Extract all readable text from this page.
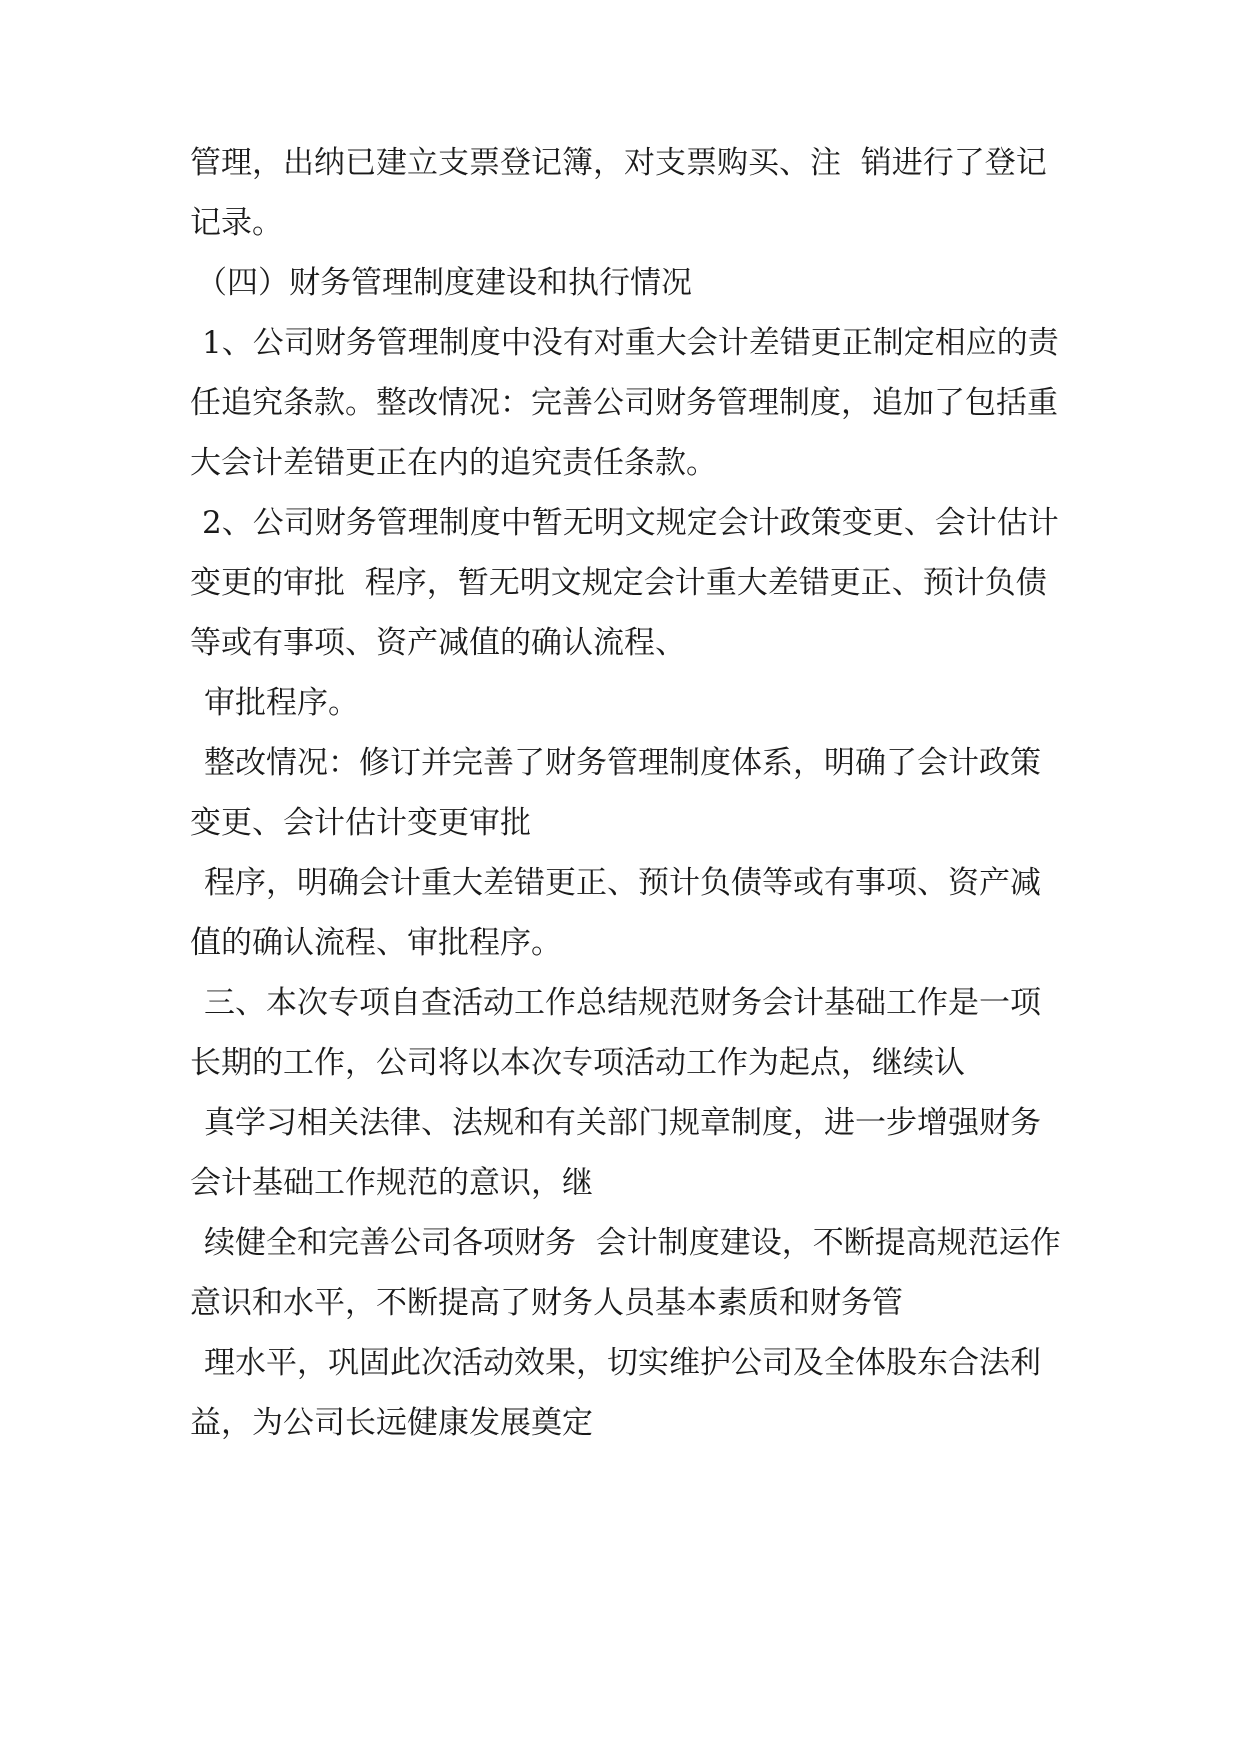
管理，出纳已建立支票登记簿，对支票购买、注  销进行了登记

记录。

（四）财务管理制度建设和执行情况

1、公司财务管理制度中没有对重大会计差错更正制定相应的责

任追究条款。整改情况：完善公司财务管理制度，追加了包括重

大会计差错更正在内的追究责任条款。

2、公司财务管理制度中暂无明文规定会计政策变更、会计估计

变更的审批  程序，暂无明文规定会计重大差错更正、预计负债

等或有事项、资产减值的确认流程、

审批程序。

整改情况：修订并完善了财务管理制度体系，明确了会计政策

变更、会计估计变更审批

程序，明确会计重大差错更正、预计负债等或有事项、资产减

值的确认流程、审批程序。

三、本次专项自查活动工作总结规范财务会计基础工作是一项

长期的工作，公司将以本次专项活动工作为起点，继续认

真学习相关法律、法规和有关部门规章制度，进一步增强财务

会计基础工作规范的意识，继

续健全和完善公司各项财务  会计制度建设，不断提高规范运作

意识和水平，不断提高了财务人员基本素质和财务管

理水平，巩固此次活动效果，切实维护公司及全体股东合法利

益，为公司长远健康发展奠定
